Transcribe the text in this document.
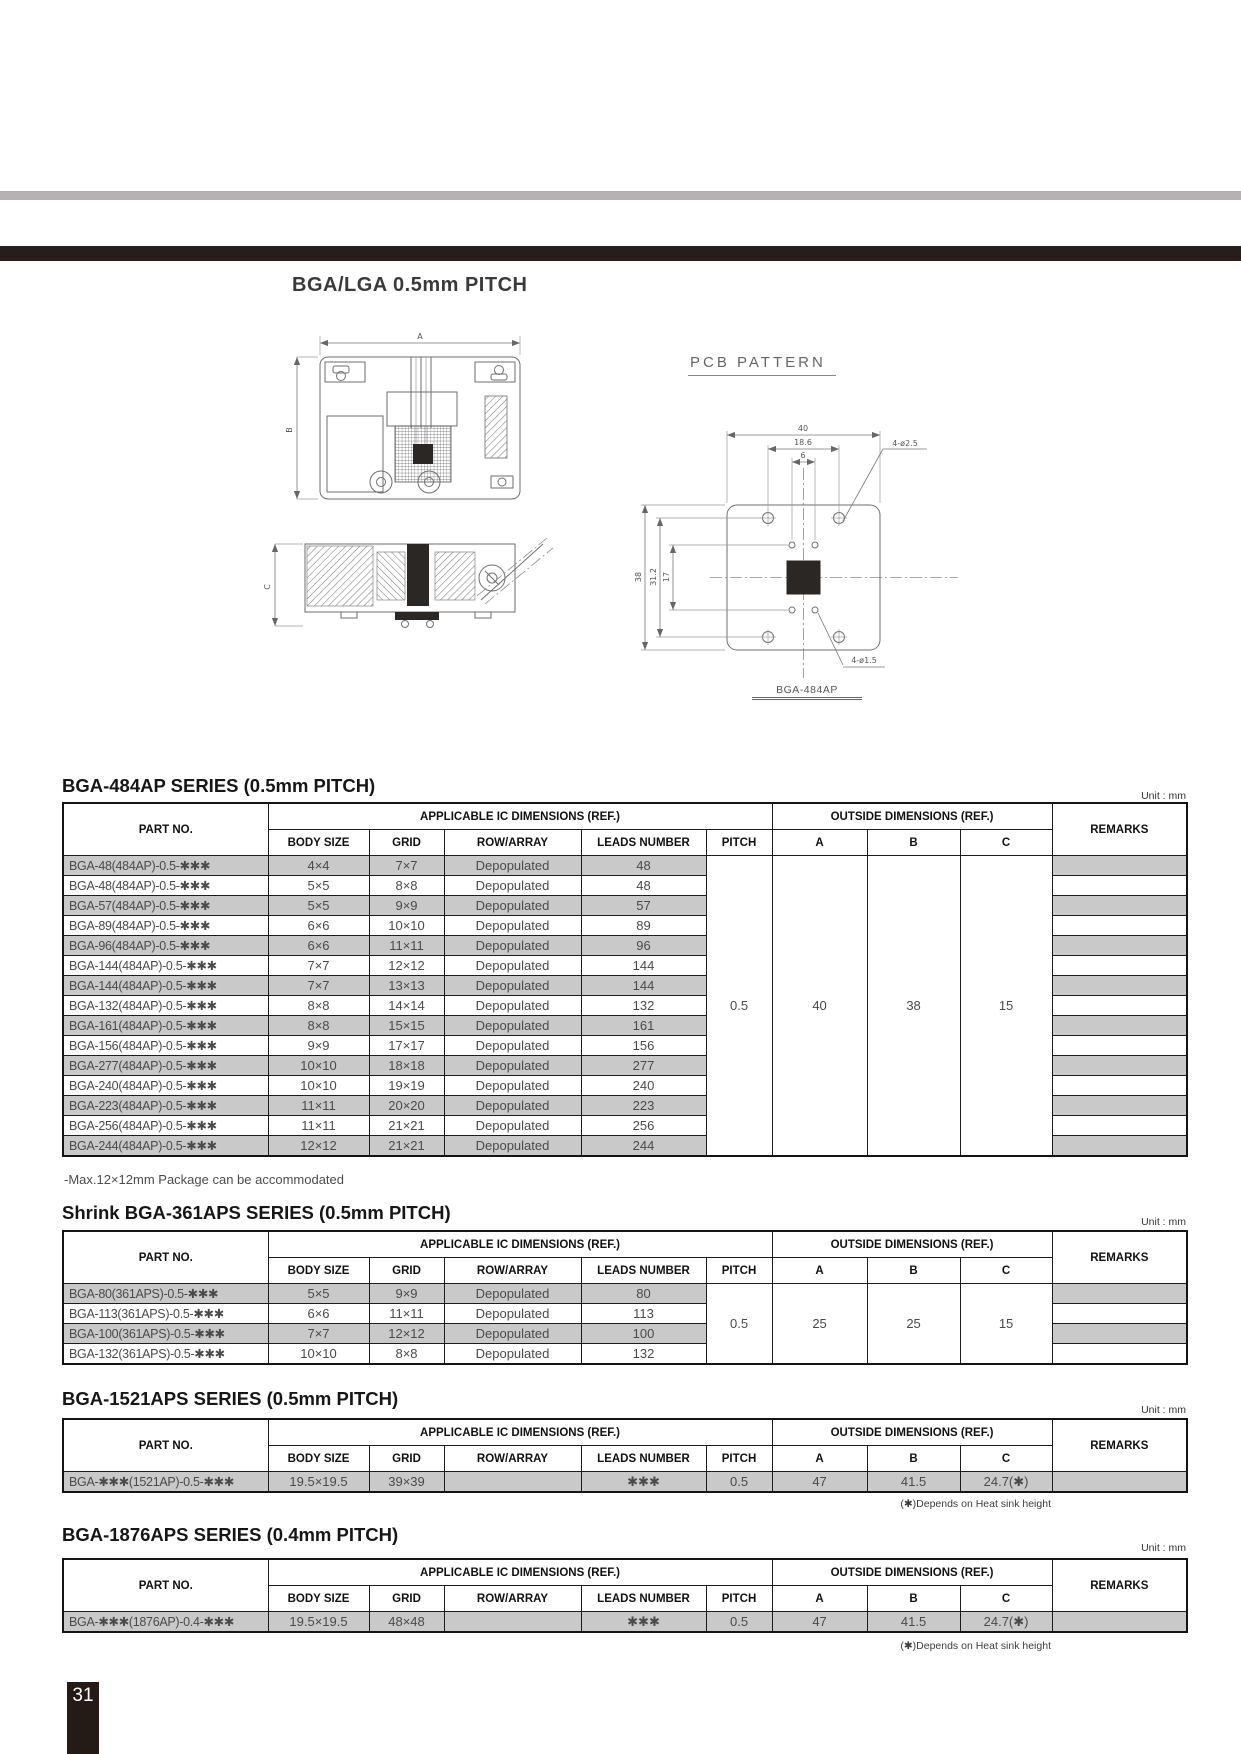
BGA/LGA 0.5mm PITCH
A
B
C
PCB PATTERN
40
18.6
6
38 31.2 17
4-ø2.5
4-ø1.5
BGA-484AP
BGA-484AP SERIES (0.5mm PITCH)	Unit : mm
PART NO.	APPLICABLE IC DIMENSIONS (REF.)					OUTSIDE DIMENSIONS (REF.)			REMARKS
	BODY SIZE	GRID	ROW/ARRAY	LEADS NUMBER	PITCH	A	B	C	
BGA-48(484AP)-0.5-✱✱✱	4×4	7×7	Depopulated	48	0.5	40	38	15	
BGA-48(484AP)-0.5-✱✱✱	5×5	8×8	Depopulated	48					
BGA-57(484AP)-0.5-✱✱✱	5×5	9×9	Depopulated	57					
BGA-89(484AP)-0.5-✱✱✱	6×6	10×10	Depopulated	89					
BGA-96(484AP)-0.5-✱✱✱	6×6	11×11	Depopulated	96					
BGA-144(484AP)-0.5-✱✱✱	7×7	12×12	Depopulated	144					
BGA-144(484AP)-0.5-✱✱✱	7×7	13×13	Depopulated	144					
BGA-132(484AP)-0.5-✱✱✱	8×8	14×14	Depopulated	132					
BGA-161(484AP)-0.5-✱✱✱	8×8	15×15	Depopulated	161					
BGA-156(484AP)-0.5-✱✱✱	9×9	17×17	Depopulated	156					
BGA-277(484AP)-0.5-✱✱✱	10×10	18×18	Depopulated	277					
BGA-240(484AP)-0.5-✱✱✱	10×10	19×19	Depopulated	240					
BGA-223(484AP)-0.5-✱✱✱	11×11	20×20	Depopulated	223					
BGA-256(484AP)-0.5-✱✱✱	11×11	21×21	Depopulated	256					
BGA-244(484AP)-0.5-✱✱✱	12×12	21×21	Depopulated	244					
-Max.12×12mm Package can be accommodated
Shrink BGA-361APS SERIES (0.5mm PITCH)	Unit : mm
PART NO.	APPLICABLE IC DIMENSIONS (REF.)					OUTSIDE DIMENSIONS (REF.)			REMARKS
	BODY SIZE	GRID	ROW/ARRAY	LEADS NUMBER	PITCH	A	B	C	
BGA-80(361APS)-0.5-✱✱✱	5×5	9×9	Depopulated	80	0.5	25	25	15	
BGA-113(361APS)-0.5-✱✱✱	6×6	11×11	Depopulated	113					
BGA-100(361APS)-0.5-✱✱✱	7×7	12×12	Depopulated	100					
BGA-132(361APS)-0.5-✱✱✱	10×10	8×8	Depopulated	132					
BGA-1521APS SERIES (0.5mm PITCH)
Unit : mm
PART NO.	APPLICABLE IC DIMENSIONS (REF.)					OUTSIDE DIMENSIONS (REF.)			REMARKS
	BODY SIZE	GRID	ROW/ARRAY	LEADS NUMBER	PITCH	A	B	C	
BGA-✱✱✱(1521AP)-0.5-✱✱✱	19.5×19.5	39×39		✱✱✱	0.5	47	41.5	24.7(✱)	
(✱)Depends on Heat sink height
BGA-1876APS SERIES (0.4mm PITCH)
Unit : mm
PART NO.	APPLICABLE IC DIMENSIONS (REF.)					OUTSIDE DIMENSIONS (REF.)			REMARKS
	BODY SIZE	GRID	ROW/ARRAY	LEADS NUMBER	PITCH	A	B	C	
BGA-✱✱✱(1876AP)-0.4-✱✱✱	19.5×19.5	48×48		✱✱✱	0.5	47	41.5	24.7(✱)	
(✱)Depends on Heat sink height
31
